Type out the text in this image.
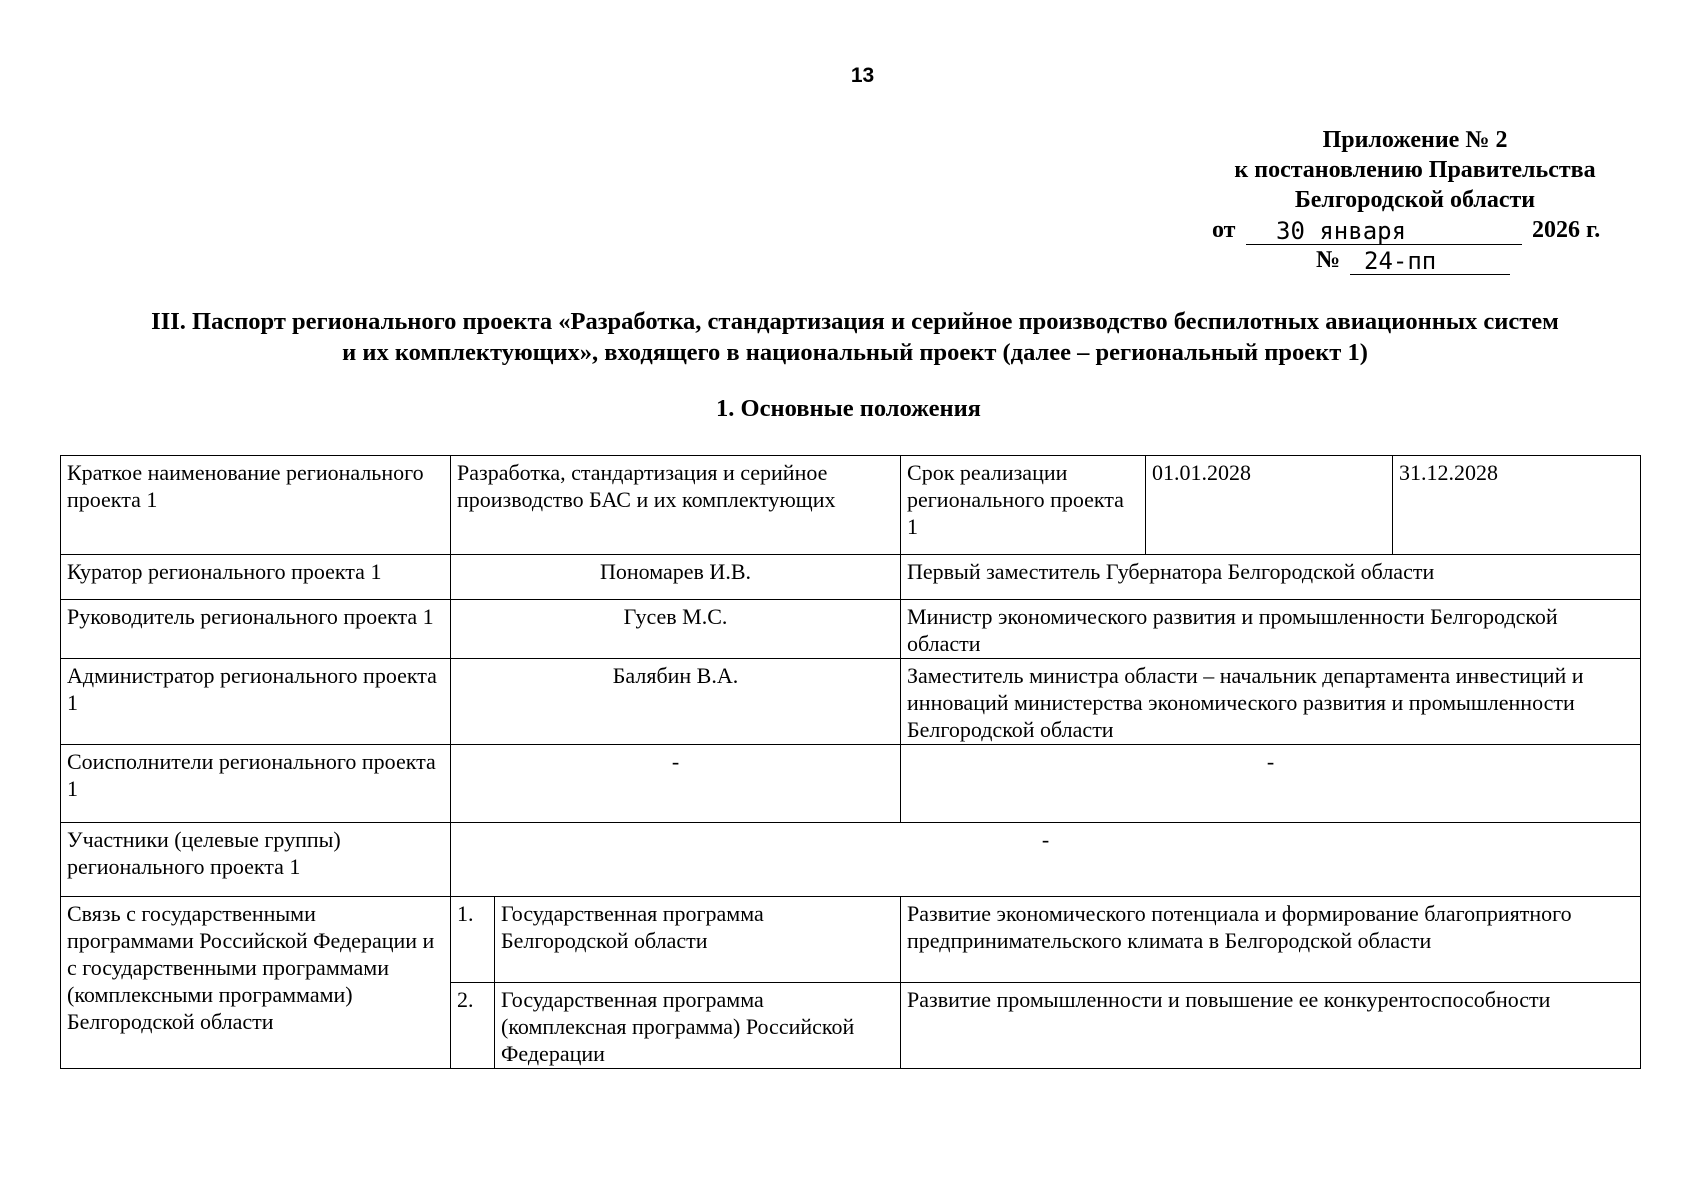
13
Приложение № 2
к постановлению Правительства
Белгородской области
от	30 января	2026 г.
№ 24-пп
III. Паспорт регионального проекта «Разработка, стандартизация и серийное производство беспилотных авиационных систем
и их комплектующих», входящего в национальный проект (далее – региональный проект 1)
1. Основные положения
Краткое наименование регионального проекта 1	Разработка, стандартизация и серийное производство БАС и их комплектующих		Срок реализации регионального проекта 1	01.01.2028	31.12.2028
Куратор регионального проекта 1	Пономарев И.В.		Первый заместитель Губернатора Белгородской области		
Руководитель регионального проекта 1	Гусев М.С.		Министр экономического развития и промышленности Белгородской области		
Администратор регионального проекта 1	Балябин В.А.		Заместитель министра области – начальник департамента инвестиций и инноваций министерства экономического развития и промышленности Белгородской области		
Соисполнители регионального проекта 1	-		-		
Участники (целевые группы) регионального проекта 1	-				
Связь с государственными программами Российской Федерации и с государственными программами (комплексными программами) Белгородской области	1.	Государственная программа Белгородской области	Развитие экономического потенциала и формирование благоприятного предпринимательского климата в Белгородской области		
	2.	Государственная программа (комплексная программа) Российской Федерации	Развитие промышленности и повышение ее конкурентоспособности		
